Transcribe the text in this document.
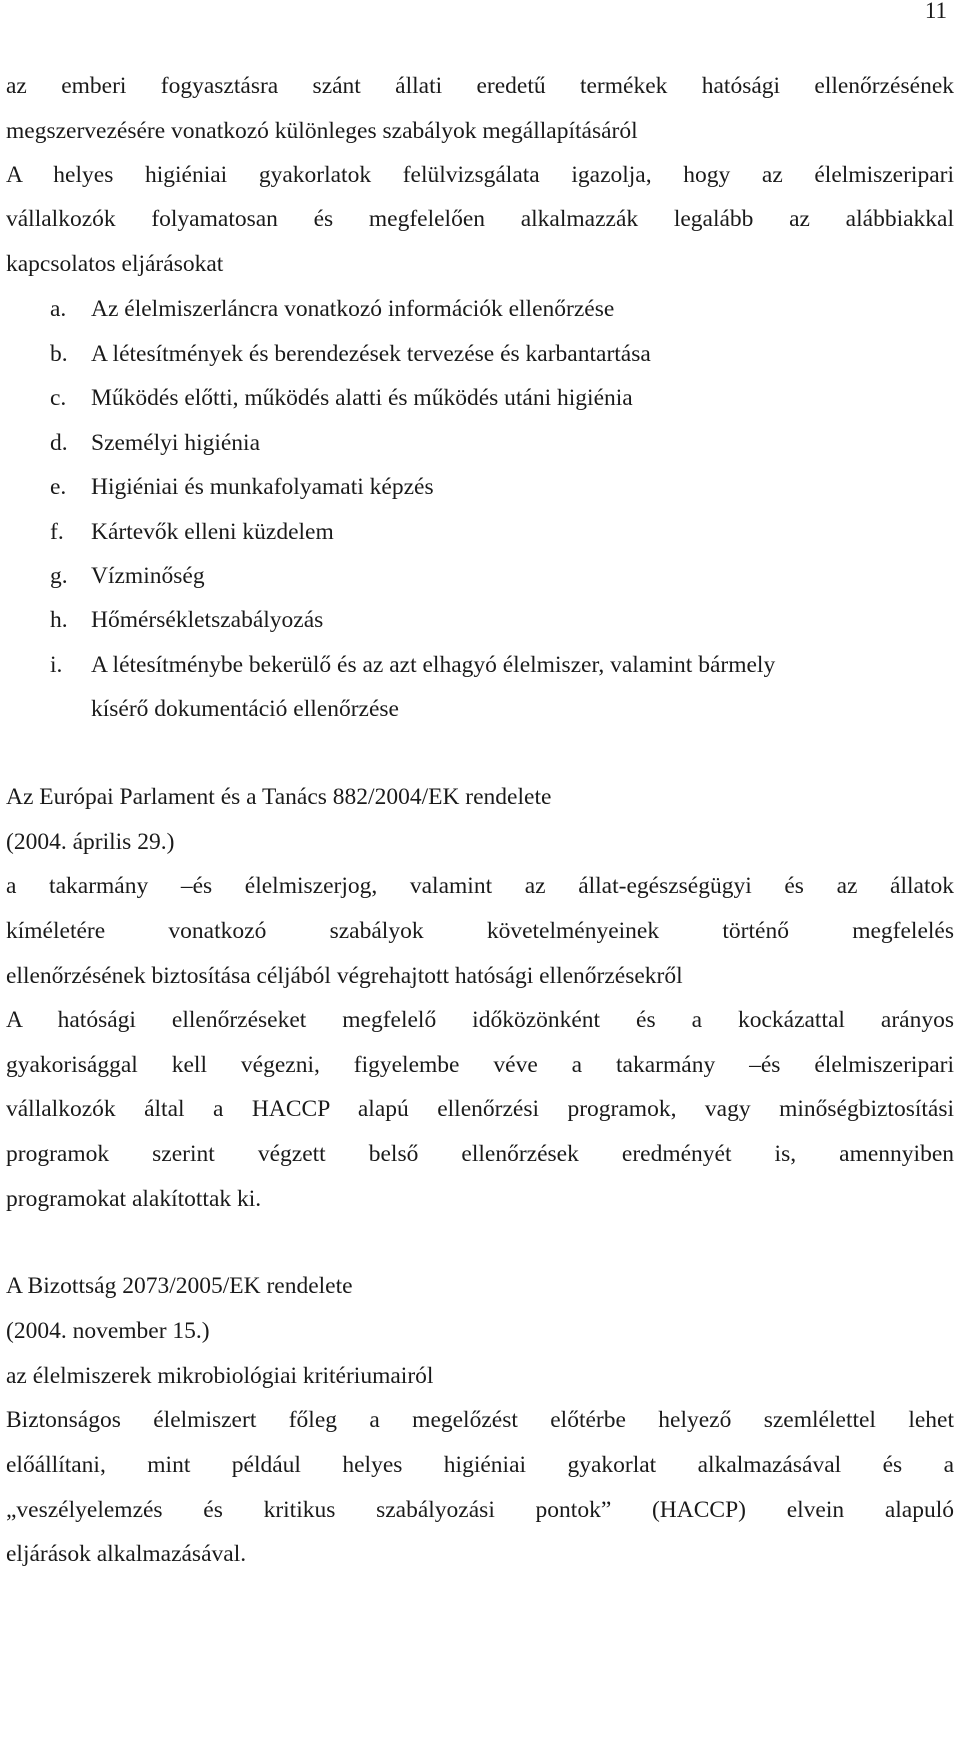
11
az emberi fogyasztásra szánt állati eredetű termékek hatósági ellenőrzésének
megszervezésére vonatkozó különleges szabályok megállapításáról
A helyes higiéniai gyakorlatok felülvizsgálata igazolja, hogy az élelmiszeripari
vállalkozók folyamatosan és megfelelően alkalmazzák legalább az alábbiakkal
kapcsolatos eljárásokat
a. Az élelmiszerláncra vonatkozó információk ellenőrzése
b. A létesítmények és berendezések tervezése és karbantartása
c. Működés előtti, működés alatti és működés utáni higiénia
d. Személyi higiénia
e. Higiéniai és munkafolyamati képzés
f. Kártevők elleni küzdelem
g. Vízminőség
h. Hőmérsékletszabályozás
i. A létesítménybe bekerülő és az azt elhagyó élelmiszer, valamint bármely
kísérő dokumentáció ellenőrzése
Az Európai Parlament és a Tanács 882/2004/EK rendelete
(2004. április 29.)
a takarmány –és élelmiszerjog, valamint az állat-egészségügyi és az állatok
kíméletére vonatkozó szabályok követelményeinek történő megfelelés
ellenőrzésének biztosítása céljából végrehajtott hatósági ellenőrzésekről
A hatósági ellenőrzéseket megfelelő időközönként és a kockázattal arányos
gyakorisággal kell végezni, figyelembe véve a takarmány –és élelmiszeripari
vállalkozók által a HACCP alapú ellenőrzési programok, vagy minőségbiztosítási
programok szerint végzett belső ellenőrzések eredményét is, amennyiben
programokat alakítottak ki.
A Bizottság 2073/2005/EK rendelete
(2004. november 15.)
az élelmiszerek mikrobiológiai kritériumairól
Biztonságos élelmiszert főleg a megelőzést előtérbe helyező szemlélettel lehet
előállítani, mint például helyes higiéniai gyakorlat alkalmazásával és a
„veszélyelemzés és kritikus szabályozási pontok” (HACCP) elvein alapuló
eljárások alkalmazásával.
